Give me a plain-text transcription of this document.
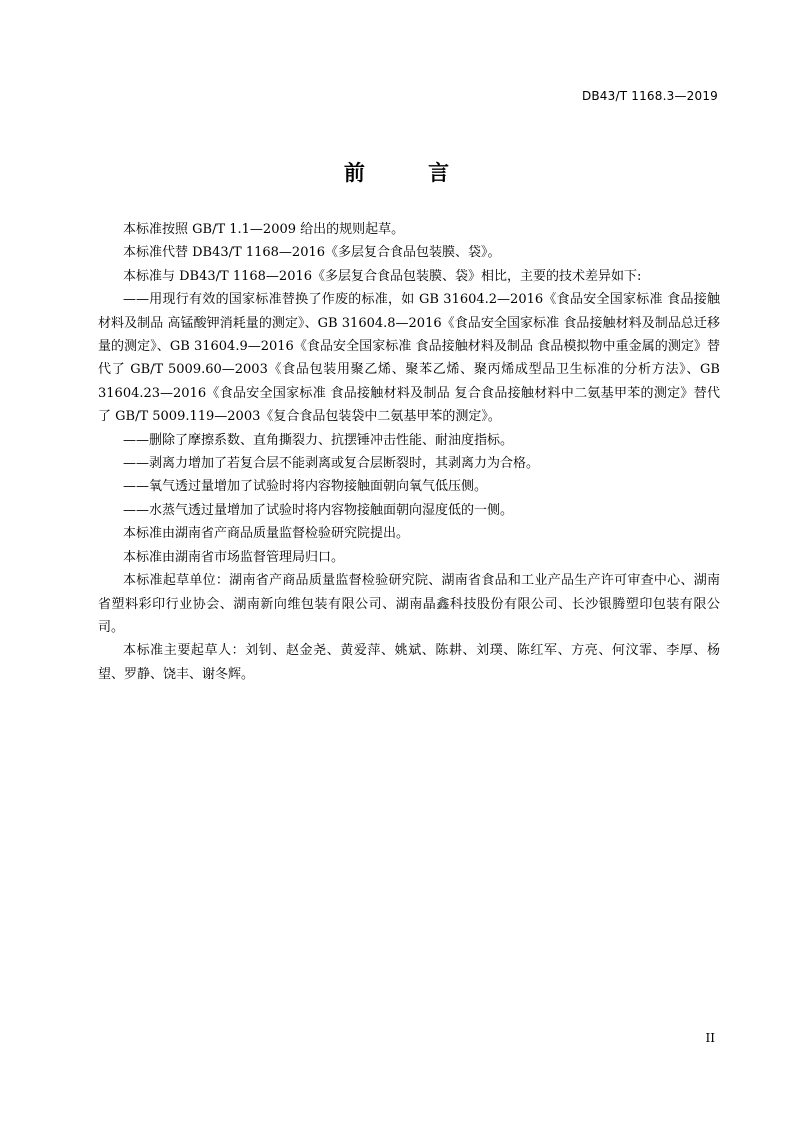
DB43/T 1168.3—2019
前 言

本标准按照 GB/T 1.1—2009 给出的规则起草。

本标准代替 DB43/T 1168—2016《多层复合食品包装膜、袋》。

本标准与 DB43/T 1168—2016《多层复合食品包装膜、袋》相比，主要的技术差异如下:

——用现行有效的国家标准替换了作废的标准，如 GB 31604.2—2016《食品安全国家标准 食品接触材料及制品 高锰酸钾消耗量的测定》、GB 31604.8—2016《食品安全国家标准 食品接触材料及制品总迁移量的测定》、GB 31604.9—2016《食品安全国家标准 食品接触材料及制品 食品模拟物中重金属的测定》替代了 GB/T 5009.60—2003《食品包装用聚乙烯、聚苯乙烯、聚丙烯成型品卫生标准的分析方法》、GB 31604.23—2016《食品安全国家标准 食品接触材料及制品 复合食品接触材料中二氨基甲苯的测定》替代了 GB/T 5009.119—2003《复合食品包装袋中二氨基甲苯的测定》。

——删除了摩擦系数、直角撕裂力、抗摆锤冲击性能、耐油度指标。

——剥离力增加了若复合层不能剥离或复合层断裂时，其剥离力为合格。

——氧气透过量增加了试验时将内容物接触面朝向氧气低压侧。

——水蒸气透过量增加了试验时将内容物接触面朝向湿度低的一侧。

本标准由湖南省产商品质量监督检验研究院提出。

本标准由湖南省市场监督管理局归口。

本标准起草单位：湖南省产商品质量监督检验研究院、湖南省食品和工业产品生产许可审查中心、湖南省塑料彩印行业协会、湖南新向维包装有限公司、湖南晶鑫科技股份有限公司、长沙银腾塑印包装有限公司。

本标准主要起草人：刘钊、赵金尧、黄爱萍、姚斌、陈耕、刘璞、陈红军、方亮、何汶霏、李厚、杨望、罗静、饶丰、谢冬辉。

II
